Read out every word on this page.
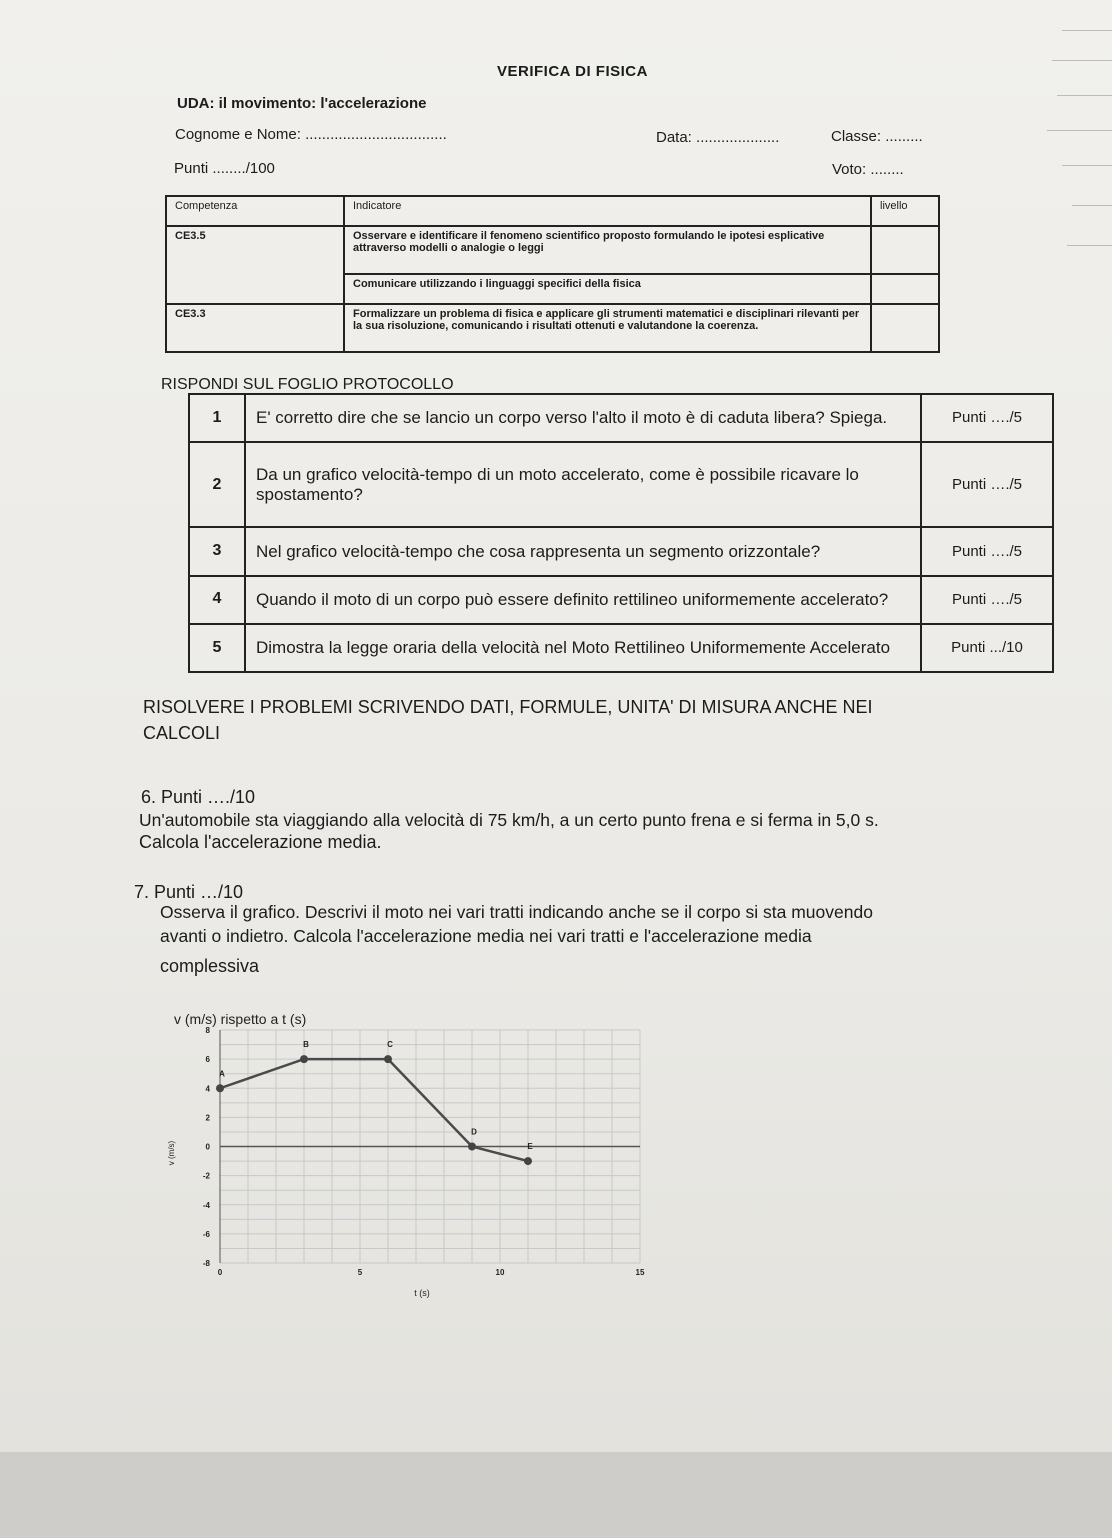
VERIFICA DI FISICA
UDA: il movimento: l'accelerazione
Cognome e Nome: ..................................	Data: ....................	Classe: .........
Punti ......../100	Voto: ........
Competenza	Indicatore	livello
CE3.5	Osservare e identificare il fenomeno scientifico proposto formulando le ipotesi esplicative attraverso modelli o analogie o leggi	
	Comunicare utilizzando i linguaggi specifici della fisica	
CE3.3	Formalizzare un problema di fisica e applicare gli strumenti matematici e disciplinari rilevanti per la sua risoluzione, comunicando i risultati ottenuti e valutandone la coerenza.	
RISPONDI SUL FOGLIO PROTOCOLLO
1	E' corretto dire che se lancio un corpo verso l'alto il moto è di caduta libera? Spiega.	Punti …./5
2	Da un grafico velocità-tempo di un moto accelerato, come è possibile ricavare lo spostamento?	Punti …./5
3	Nel grafico velocità-tempo che cosa rappresenta un segmento orizzontale?	Punti …./5
4	Quando il moto di un corpo può essere definito rettilineo uniformemente accelerato?	Punti …./5
5	Dimostra la legge oraria della velocità nel Moto Rettilineo Uniformemente Accelerato	Punti .../10
RISOLVERE I PROBLEMI SCRIVENDO DATI, FORMULE, UNITA' DI MISURA ANCHE NEI
CALCOLI
6. Punti …./10
Un'automobile sta viaggiando alla velocità di 75 km/h, a un certo punto frena e si ferma in 5,0 s.
Calcola l'accelerazione media.
7. Punti …/10
Osserva il grafico. Descrivi il moto nei vari tratti indicando anche se il corpo si sta muovendo
avanti o indietro. Calcola l'accelerazione media nei vari tratti e l'accelerazione media
complessiva
v (m/s) rispetto a t (s)
t (s)
v (m/s)
8
6
4
2
0
-2
-4
-6
-8
0	5	10	15
A
B	C
D
E
